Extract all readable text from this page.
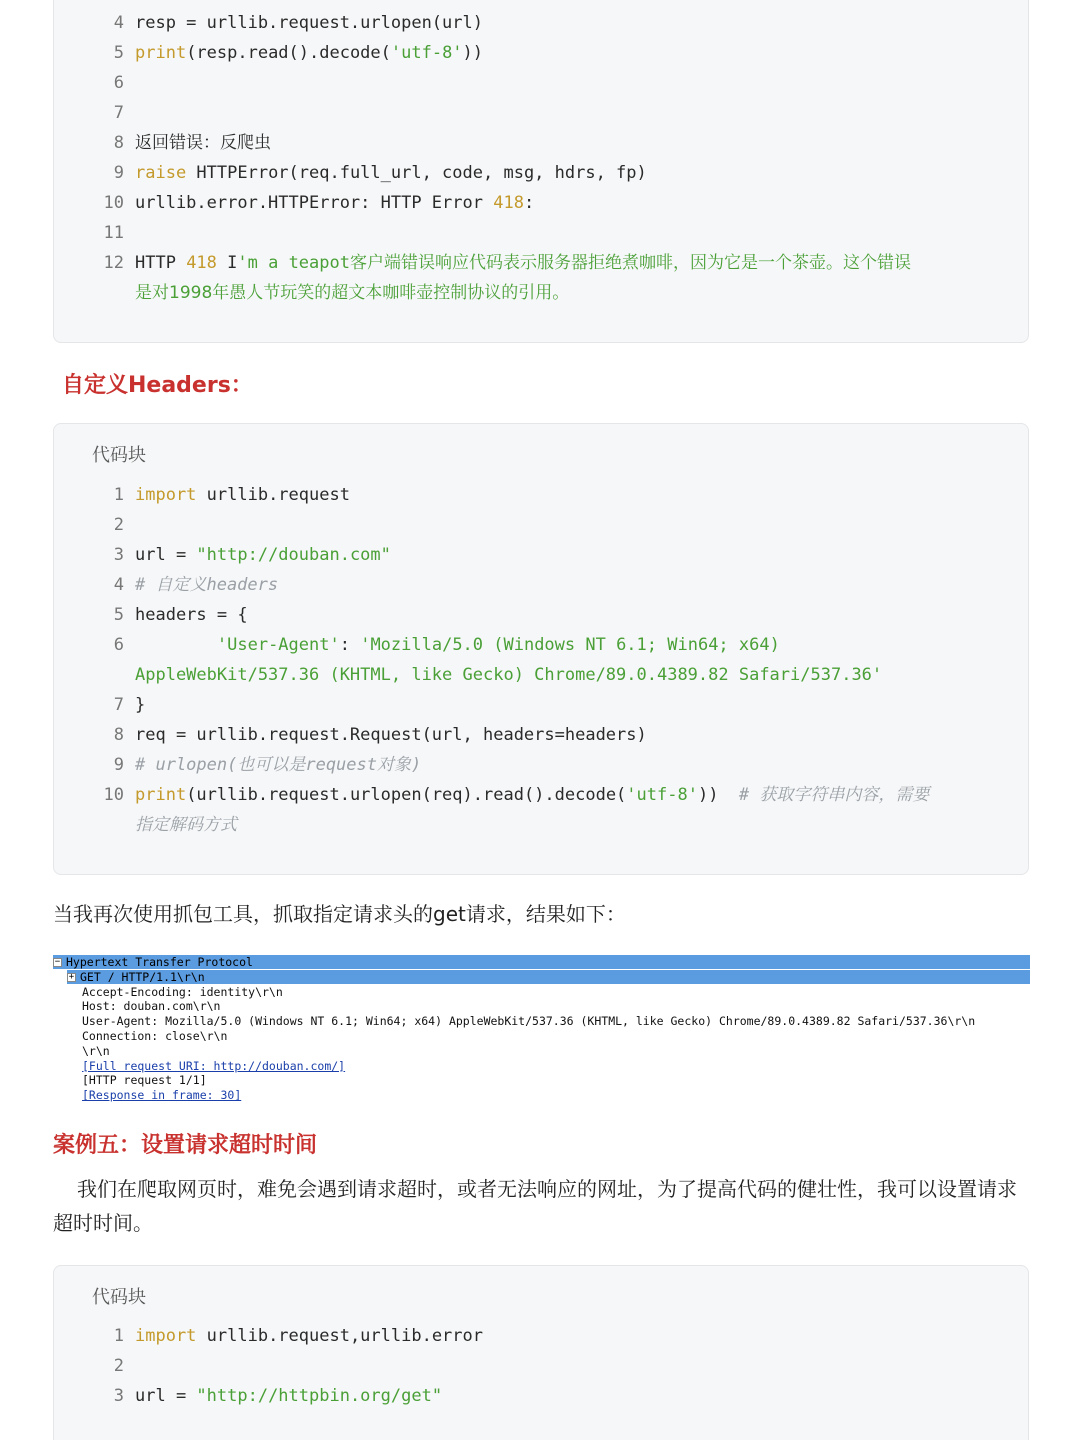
4 resp = urllib.request.urlopen(url)
5 print(resp.read().decode('utf-8'))
6
7
8 返回错误：反爬虫
9 raise HTTPError(req.full_url, code, msg, hdrs, fp)
10 urllib.error.HTTPError: HTTP Error 418:
11
12 HTTP 418 I'm a teapot客户端错误响应代码表示服务器拒绝煮咖啡，因为它是一个茶壶。这个错误
是对1998年愚人节玩笑的超文本咖啡壶控制协议的引用。
自定义Headers：
代码块
1 import urllib.request
2
3 url = "http://douban.com"
4 # 自定义headers
5 headers = {
6	'User-Agent': 'Mozilla/5.0 (Windows NT 6.1; Win64; x64)
AppleWebKit/537.36 (KHTML, like Gecko) Chrome/89.0.4389.82 Safari/537.36'
7 }
8 req = urllib.request.Request(url, headers=headers)
9 # urlopen(也可以是request对象)
10 print(urllib.request.urlopen(req).read().decode('utf-8'))  # 获取字符串内容，需要
指定解码方式
当我再次使用抓包工具，抓取指定请求头的get请求，结果如下：
− Hypertext Transfer Protocol
+ GET / HTTP/1.1\r\n
Accept-Encoding: identity\r\n
Host: douban.com\r\n
User-Agent: Mozilla/5.0 (Windows NT 6.1; Win64; x64) AppleWebKit/537.36 (KHTML, like Gecko) Chrome/89.0.4389.82 Safari/537.36\r\n
Connection: close\r\n
\r\n
[Full request URI: http://douban.com/]
[HTTP request 1/1]
[Response in frame: 30]
案例五：设置请求超时时间
我们在爬取网页时，难免会遇到请求超时，或者无法响应的网址，为了提高代码的健壮性，我可以设置请求超时时间。
代码块
1 import urllib.request,urllib.error
2
3 url = "http://httpbin.org/get"
